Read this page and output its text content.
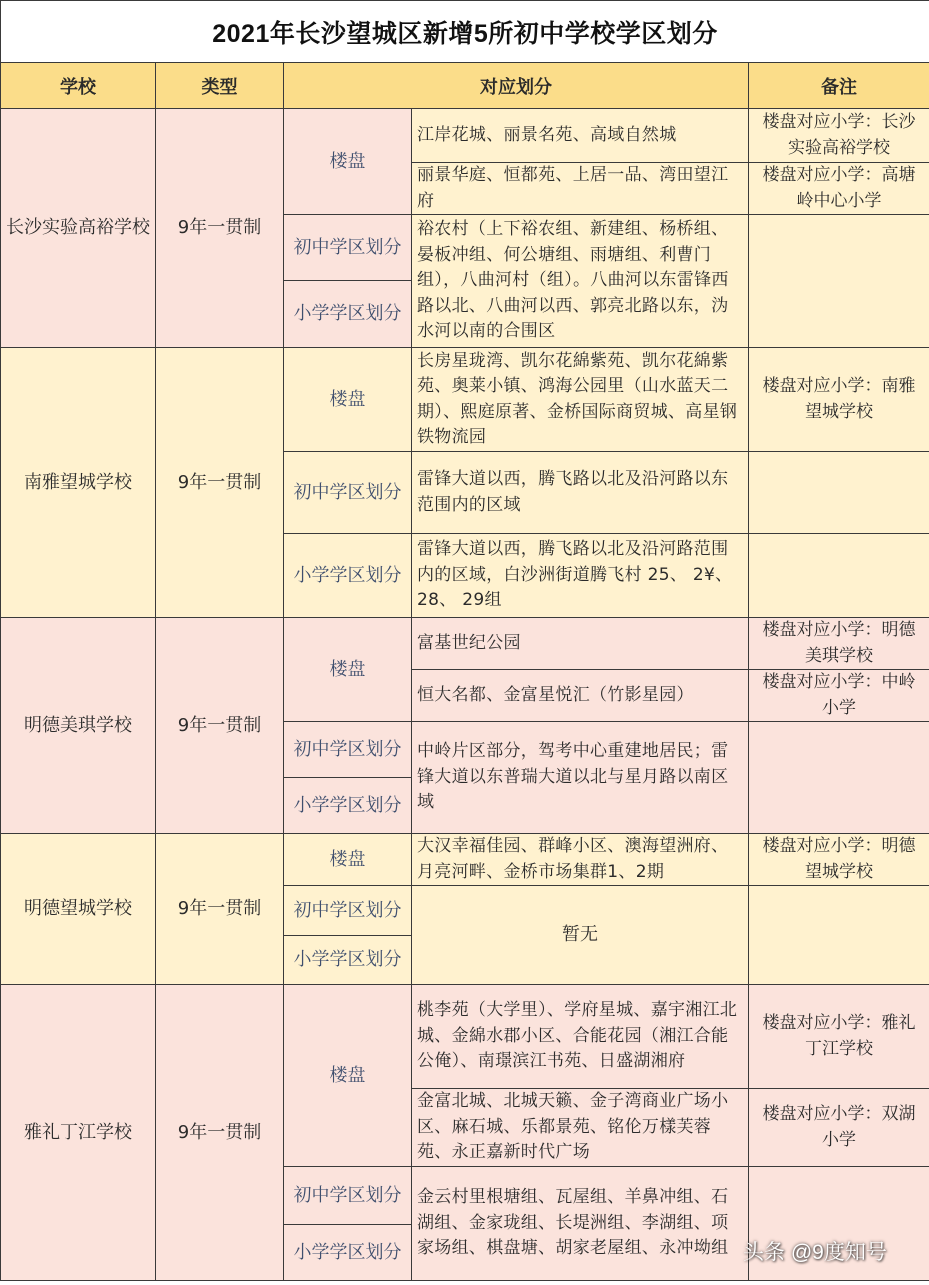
2021年长沙望城区新增5所初中学校学区划分				
学校	类型	对应划分		备注
长沙实验高裕学校	9年一贯制	楼盘	江岸花城、丽景名苑、高域自然城	楼盘对应小学：长沙实验高裕学校
			丽景华庭、恒都苑、上居一品、湾田望江府	楼盘对应小学：高塘岭中心小学
		初中学区划分	裕农村（上下裕农组、新建组、杨桥组、晏板冲组、何公塘组、雨塘组、利曹门组），八曲河村（组）。八曲河以东雷锋西路以北、八曲河以西、郭亮北路以东，沩水河以南的合围区	
		小学学区划分		
南雅望城学校	9年一贯制	楼盘	长房星珑湾、凯尔花綿紫苑、凯尔花綿紫苑、奥莱小镇、鸿海公园里（山水蓝天二期）、熙庭原著、金桥国际商贸城、高星钢铁物流园	楼盘对应小学：南雅望城学校
		初中学区划分	雷锋大道以西，腾飞路以北及沿河路以东范围内的区域	
		小学学区划分	雷锋大道以西，腾飞路以北及沿河路范围内的区域，白沙洲街道腾飞村 25、 2¥、 28、 29组	
明德美琪学校	9年一贯制	楼盘	富基世纪公园	楼盘对应小学：明德美琪学校
			恒大名都、金富星悦汇（竹影星园）	楼盘对应小学：中岭小学
		初中学区划分	中岭片区部分，驾考中心重建地居民；雷锋大道以东普瑞大道以北与星月路以南区域	
		小学学区划分		
明德望城学校	9年一贯制	楼盘	大汉幸福佳园、群峰小区、澳海望洲府、月亮河畔、金桥市场集群1、2期	楼盘对应小学：明德望城学校
		初中学区划分	暂无	
		小学学区划分		
雅礼丁江学校	9年一贯制	楼盘	桃李苑（大学里）、学府星城、嘉宇湘江北城、金綿水郡小区、合能花园（湘江合能公俺）、南璟滨江书苑、日盛湖湘府	楼盘对应小学：雅礼丁江学校
			金富北城、北城天籁、金子湾商业广场小区、麻石城、乐都景苑、铭伦万樣芙蓉苑、永正嘉新时代广场	楼盘对应小学：双湖小学
		初中学区划分	金云村里根塘组、瓦屋组、羊鼻冲组、石湖组、金家珑组、长堤洲组、李湖组、项家场组、棋盘塘、胡家老屋组、永冲坳组	
		小学学区划分			头条 @9度知号
